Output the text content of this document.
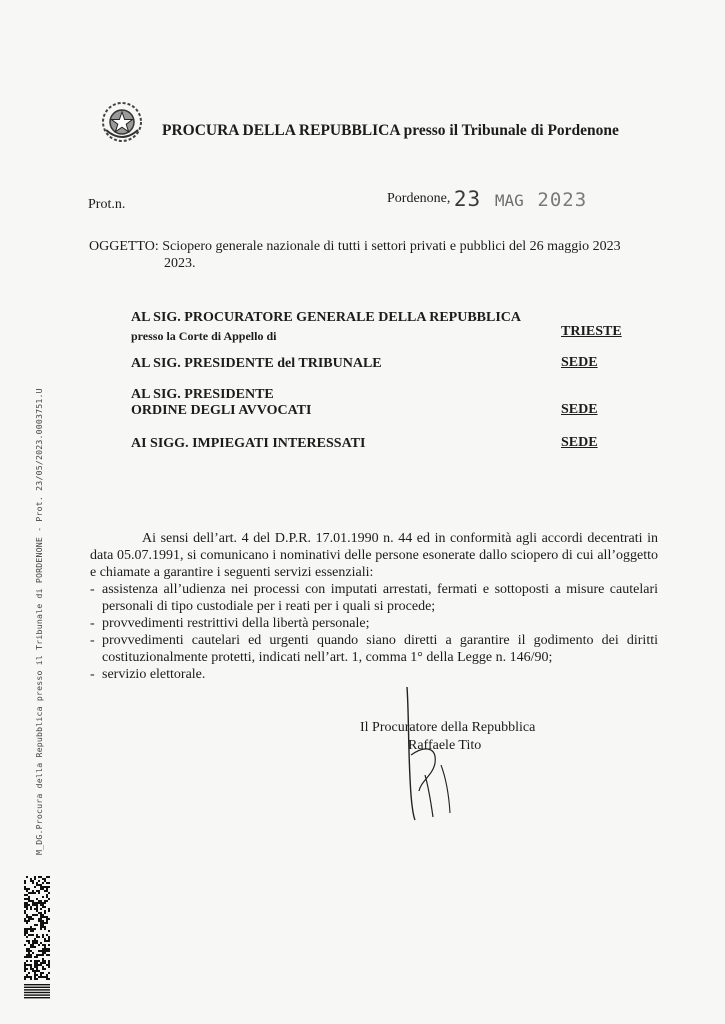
PROCURA DELLA REPUBBLICA presso il Tribunale di Pordenone
Prot.n.	Pordenone, 23 MAG 2023
OGGETTO: Sciopero generale nazionale di tutti i settori privati e pubblici del 26 maggio 2023
2023.
AL SIG. PROCURATORE GENERALE DELLA REPUBBLICA
presso la Corte di Appello di	TRIESTE
AL SIG. PRESIDENTE del TRIBUNALE	SEDE
AL SIG. PRESIDENTE
ORDINE DEGLI AVVOCATI	SEDE
AI SIGG. IMPIEGATI INTERESSATI	SEDE

Ai sensi dell’art. 4 del D.P.R. 17.01.1990 n. 44 ed in conformità agli accordi decentrati in data 05.07.1991, si comunicano i nominativi delle persone esonerate dallo sciopero di cui all’oggetto e chiamate a garantire i seguenti servizi essenziali:

- assistenza all’udienza nei processi con imputati arrestati, fermati e sottoposti a misure cautelari personali di tipo custodiale per i reati per i quali si procede;
- provvedimenti restrittivi della libertà personale;
- provvedimenti cautelari ed urgenti quando siano diretti a garantire il godimento dei diritti costituzionalmente protetti, indicati nell’art. 1, comma 1° della Legge n. 146/90;
- servizio elettorale.
Il Procuratore della Repubblica
Raffaele Tito
M_DG.Procura della Repubblica presso il Tribunale di PORDENONE - Prot. 23/05/2023.0003751.U
